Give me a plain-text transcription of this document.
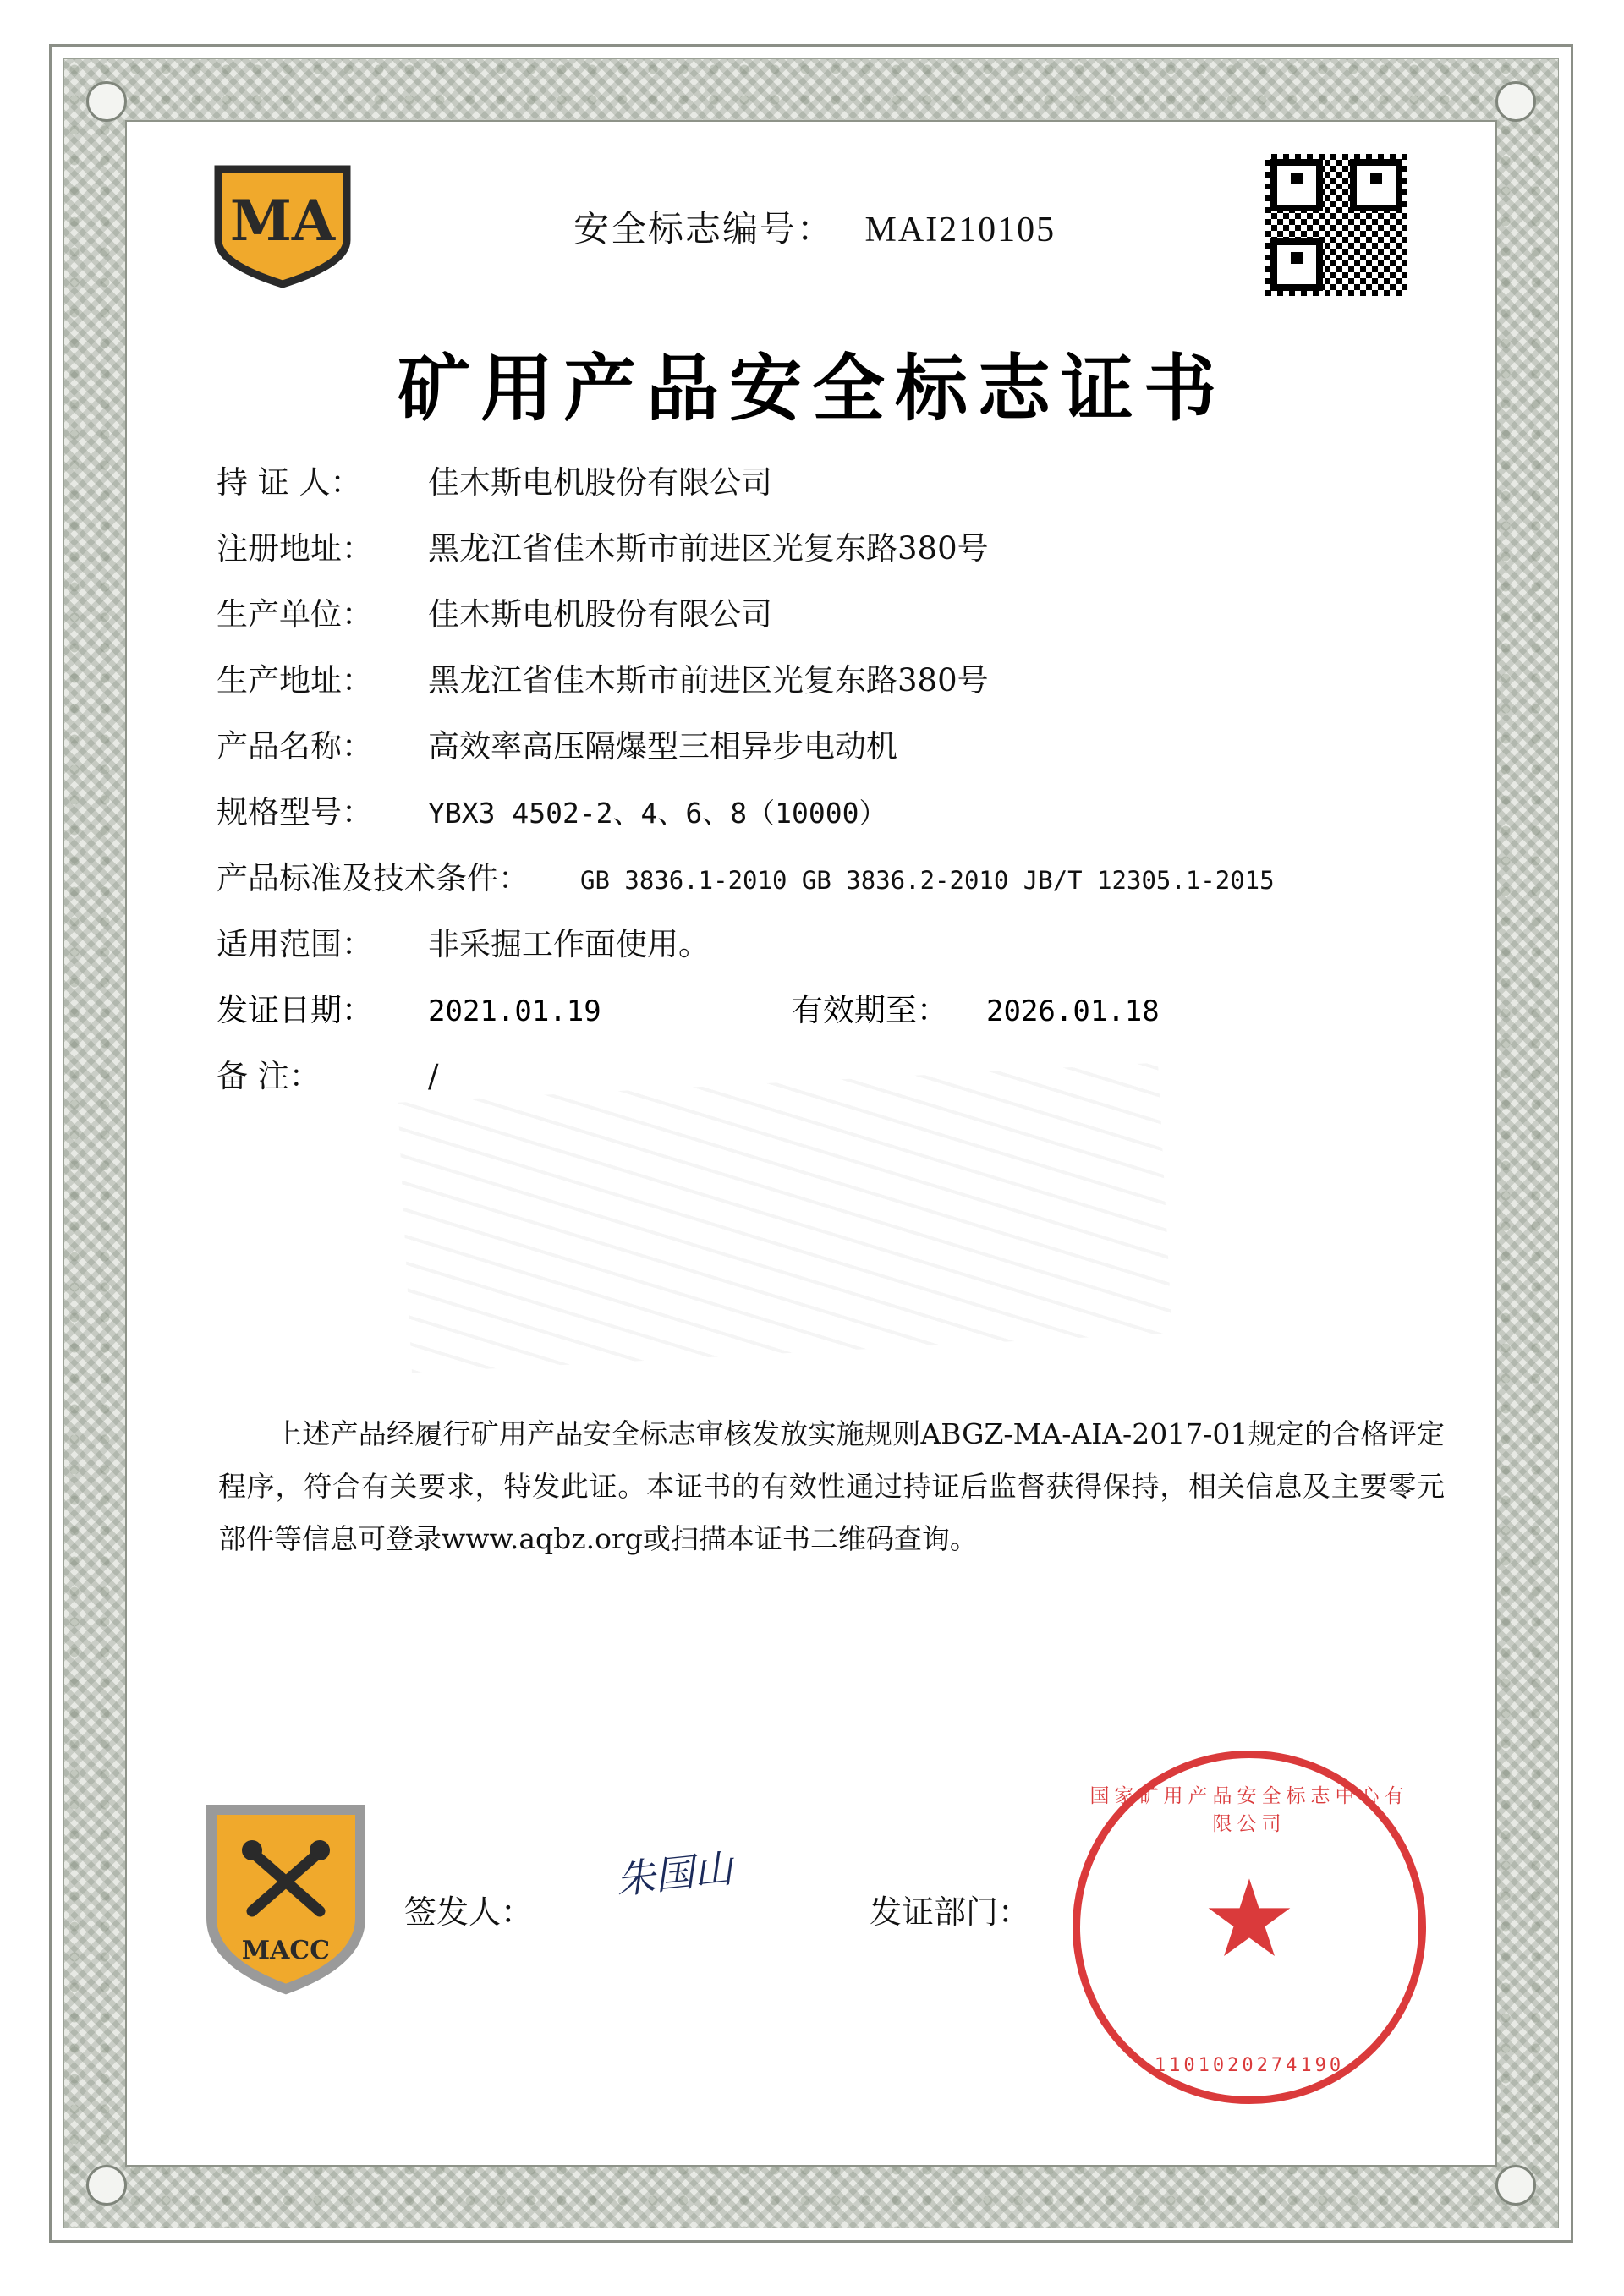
MA	安全标志编号： MAI210105
矿用产品安全标志证书
持 证 人：	佳木斯电机股份有限公司
注册地址：	黑龙江省佳木斯市前进区光复东路380号
生产单位：	佳木斯电机股份有限公司
生产地址：	黑龙江省佳木斯市前进区光复东路380号
产品名称：	高效率高压隔爆型三相异步电动机
规格型号：	YBX3 4502-2、4、6、8（10000）
产品标准及技术条件：	GB 3836.1-2010 GB 3836.2-2010 JB/T 12305.1-2015
适用范围：	非采掘工作面使用。
发证日期：	2021.01.19	有效期至：	2026.01.18
备 注：	/

上述产品经履行矿用产品安全标志审核发放实施规则ABGZ-MA-AIA-2017-01规定的合格评定程序，符合有关要求，特发此证。本证书的有效性通过持证后监督获得保持，相关信息及主要零元部件等信息可登录www.aqbz.org或扫描本证书二维码查询。

MACC
签发人：
朱国山
发证部门：
国家矿用产品安全标志中心有限公司
★
1101020274190
